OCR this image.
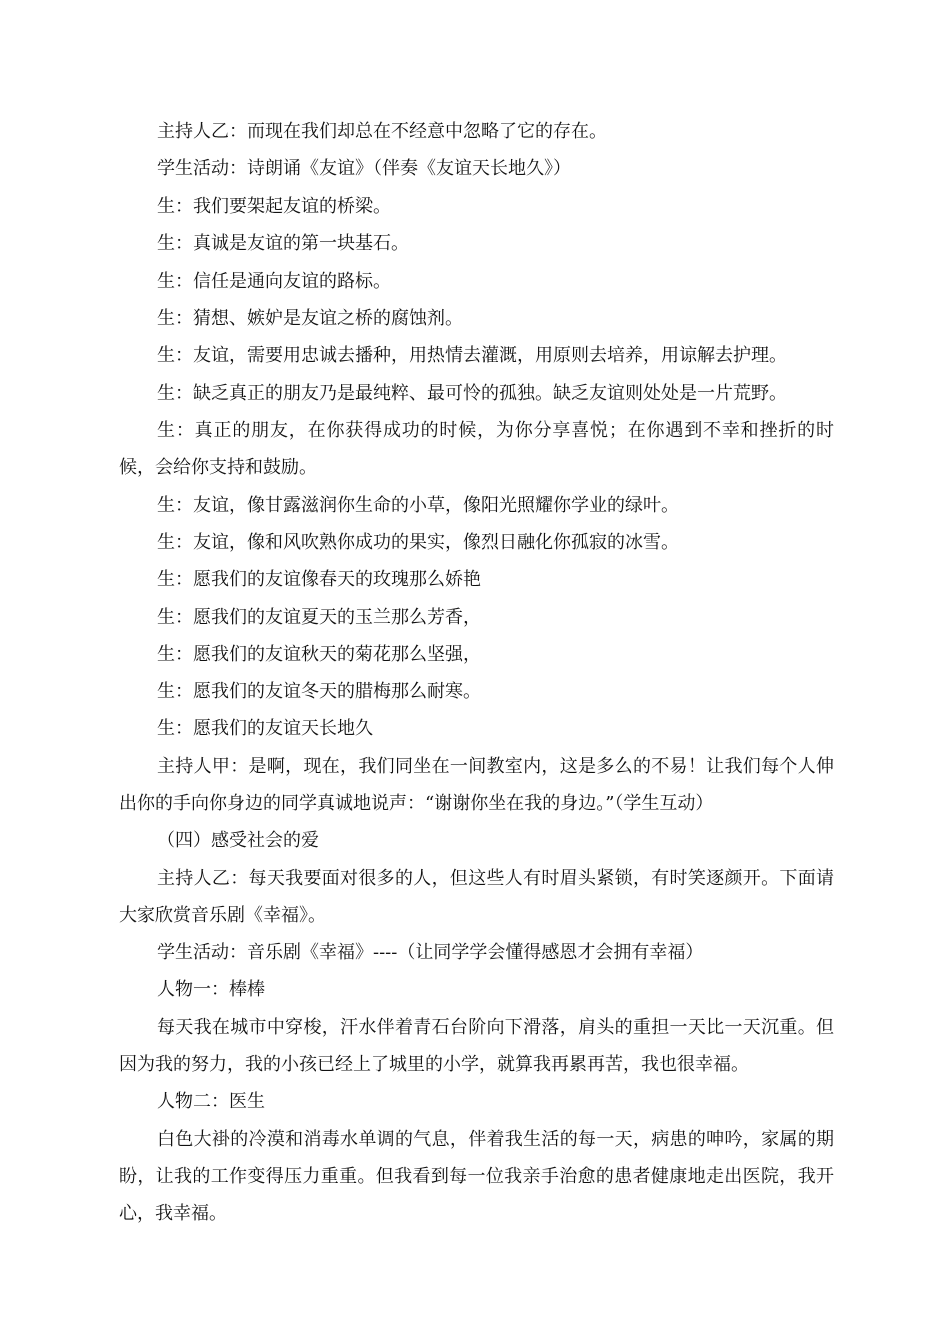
主持人乙：而现在我们却总在不经意中忽略了它的存在。

学生活动：诗朗诵《友谊》（伴奏《友谊天长地久》）

生：我们要架起友谊的桥梁。

生：真诚是友谊的第一块基石。

生：信任是通向友谊的路标。

生：猜想、嫉妒是友谊之桥的腐蚀剂。

生：友谊，需要用忠诚去播种，用热情去灌溉，用原则去培养，用谅解去护理。

生：缺乏真正的朋友乃是最纯粹、最可怜的孤独。缺乏友谊则处处是一片荒野。

生：真正的朋友，在你获得成功的时候，为你分享喜悦；在你遇到不幸和挫折的时候，会给你支持和鼓励。

生：友谊，像甘露滋润你生命的小草，像阳光照耀你学业的绿叶。

生：友谊，像和风吹熟你成功的果实，像烈日融化你孤寂的冰雪。

生：愿我们的友谊像春天的玫瑰那么娇艳

生：愿我们的友谊夏天的玉兰那么芳香，

生：愿我们的友谊秋天的菊花那么坚强，

生：愿我们的友谊冬天的腊梅那么耐寒。

生：愿我们的友谊天长地久

主持人甲：是啊，现在，我们同坐在一间教室内，这是多么的不易！让我们每个人伸出你的手向你身边的同学真诚地说声：“谢谢你坐在我的身边。”（学生互动）

（四）感受社会的爱

主持人乙：每天我要面对很多的人，但这些人有时眉头紧锁，有时笑逐颜开。下面请大家欣赏音乐剧《幸福》。

学生活动：音乐剧《幸福》----（让同学学会懂得感恩才会拥有幸福）

人物一：棒棒

每天我在城市中穿梭，汗水伴着青石台阶向下滑落，肩头的重担一天比一天沉重。但因为我的努力，我的小孩已经上了城里的小学，就算我再累再苦，我也很幸福。

人物二：医生

白色大褂的冷漠和消毒水单调的气息，伴着我生活的每一天，病患的呻吟，家属的期盼，让我的工作变得压力重重。但我看到每一位我亲手治愈的患者健康地走出医院，我开心，我幸福。
